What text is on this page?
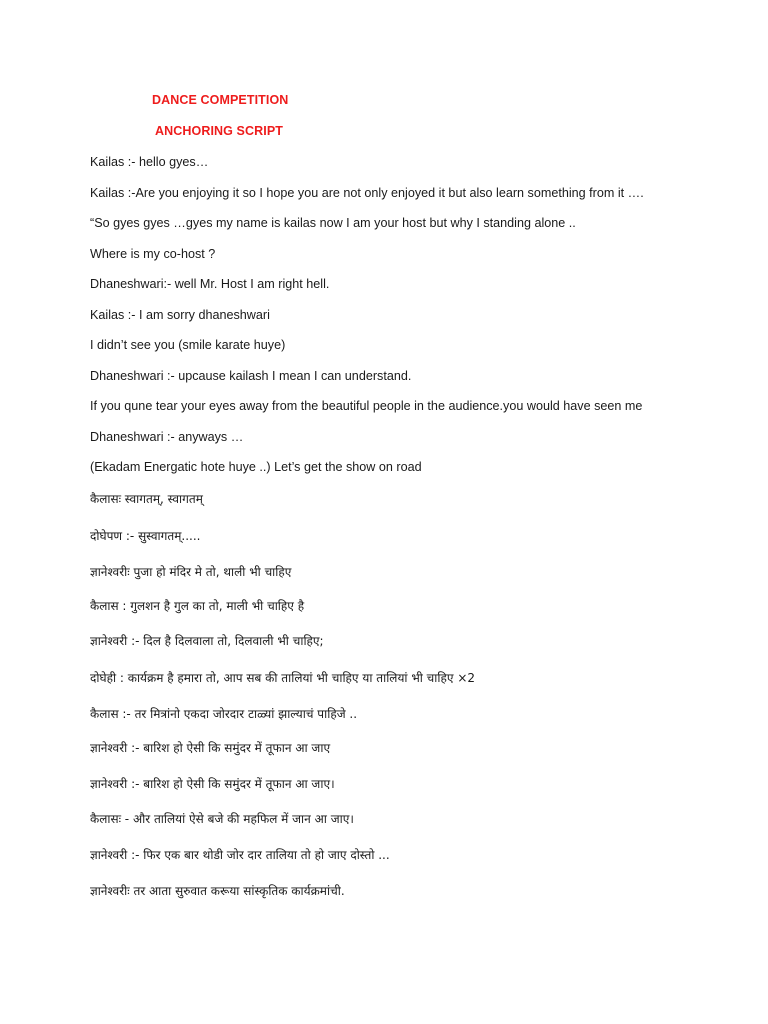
DANCE COMPETITION
ANCHORING SCRIPT
Kailas :- hello gyes…
Kailas :-Are you enjoying it so I hope you are not only enjoyed it but also learn something from it ….
“So gyes gyes …gyes my name is kailas now I am your host but why I standing alone ..
Where is my co-host ?
Dhaneshwari:- well Mr. Host I am right hell.
Kailas :- I am sorry dhaneshwari
I didn’t see you (smile karate huye)
Dhaneshwari :- upcause kailash I mean I can understand.
If you qune tear your eyes away from the beautiful people in the audience.you would have seen me
Dhaneshwari :- anyways …
(Ekadam Energatic hote huye ..) Let’s get the show on road
कैलासः स्वागतम्, स्वागतम्
दोघेपण :- सुस्वागतम्.....
ज्ञानेश्वरीः पुजा हो मंदिर मे तो, थाली भी चाहिए
कैलास : गुलशन है गुल का तो, माली भी चाहिए है
ज्ञानेश्वरी :- दिल है दिलवाला तो, दिलवाली भी चाहिए;
दोघेही : कार्यक्रम है हमारा तो, आप सब की तालियां भी चाहिए या तालियां भी चाहिए ×2
कैलास :- तर मित्रांनो एकदा जोरदार टाळ्यां झाल्याचं पाहिजे ..
ज्ञानेश्वरी :- बारिश हो ऐसी कि समुंदर में तूफान आ जाए
ज्ञानेश्वरी :- बारिश हो ऐसी कि समुंदर में तूफान आ जाए।
कैलासः - और तालियां ऐसे बजे की महफिल में जान आ जाए।
ज्ञानेश्वरी :- फिर एक बार थोडी जोर दार तालिया तो हो जाए दोस्तो ...
ज्ञानेश्वरीः तर आता सुरुवात करूया सांस्कृतिक कार्यक्रमांची.
